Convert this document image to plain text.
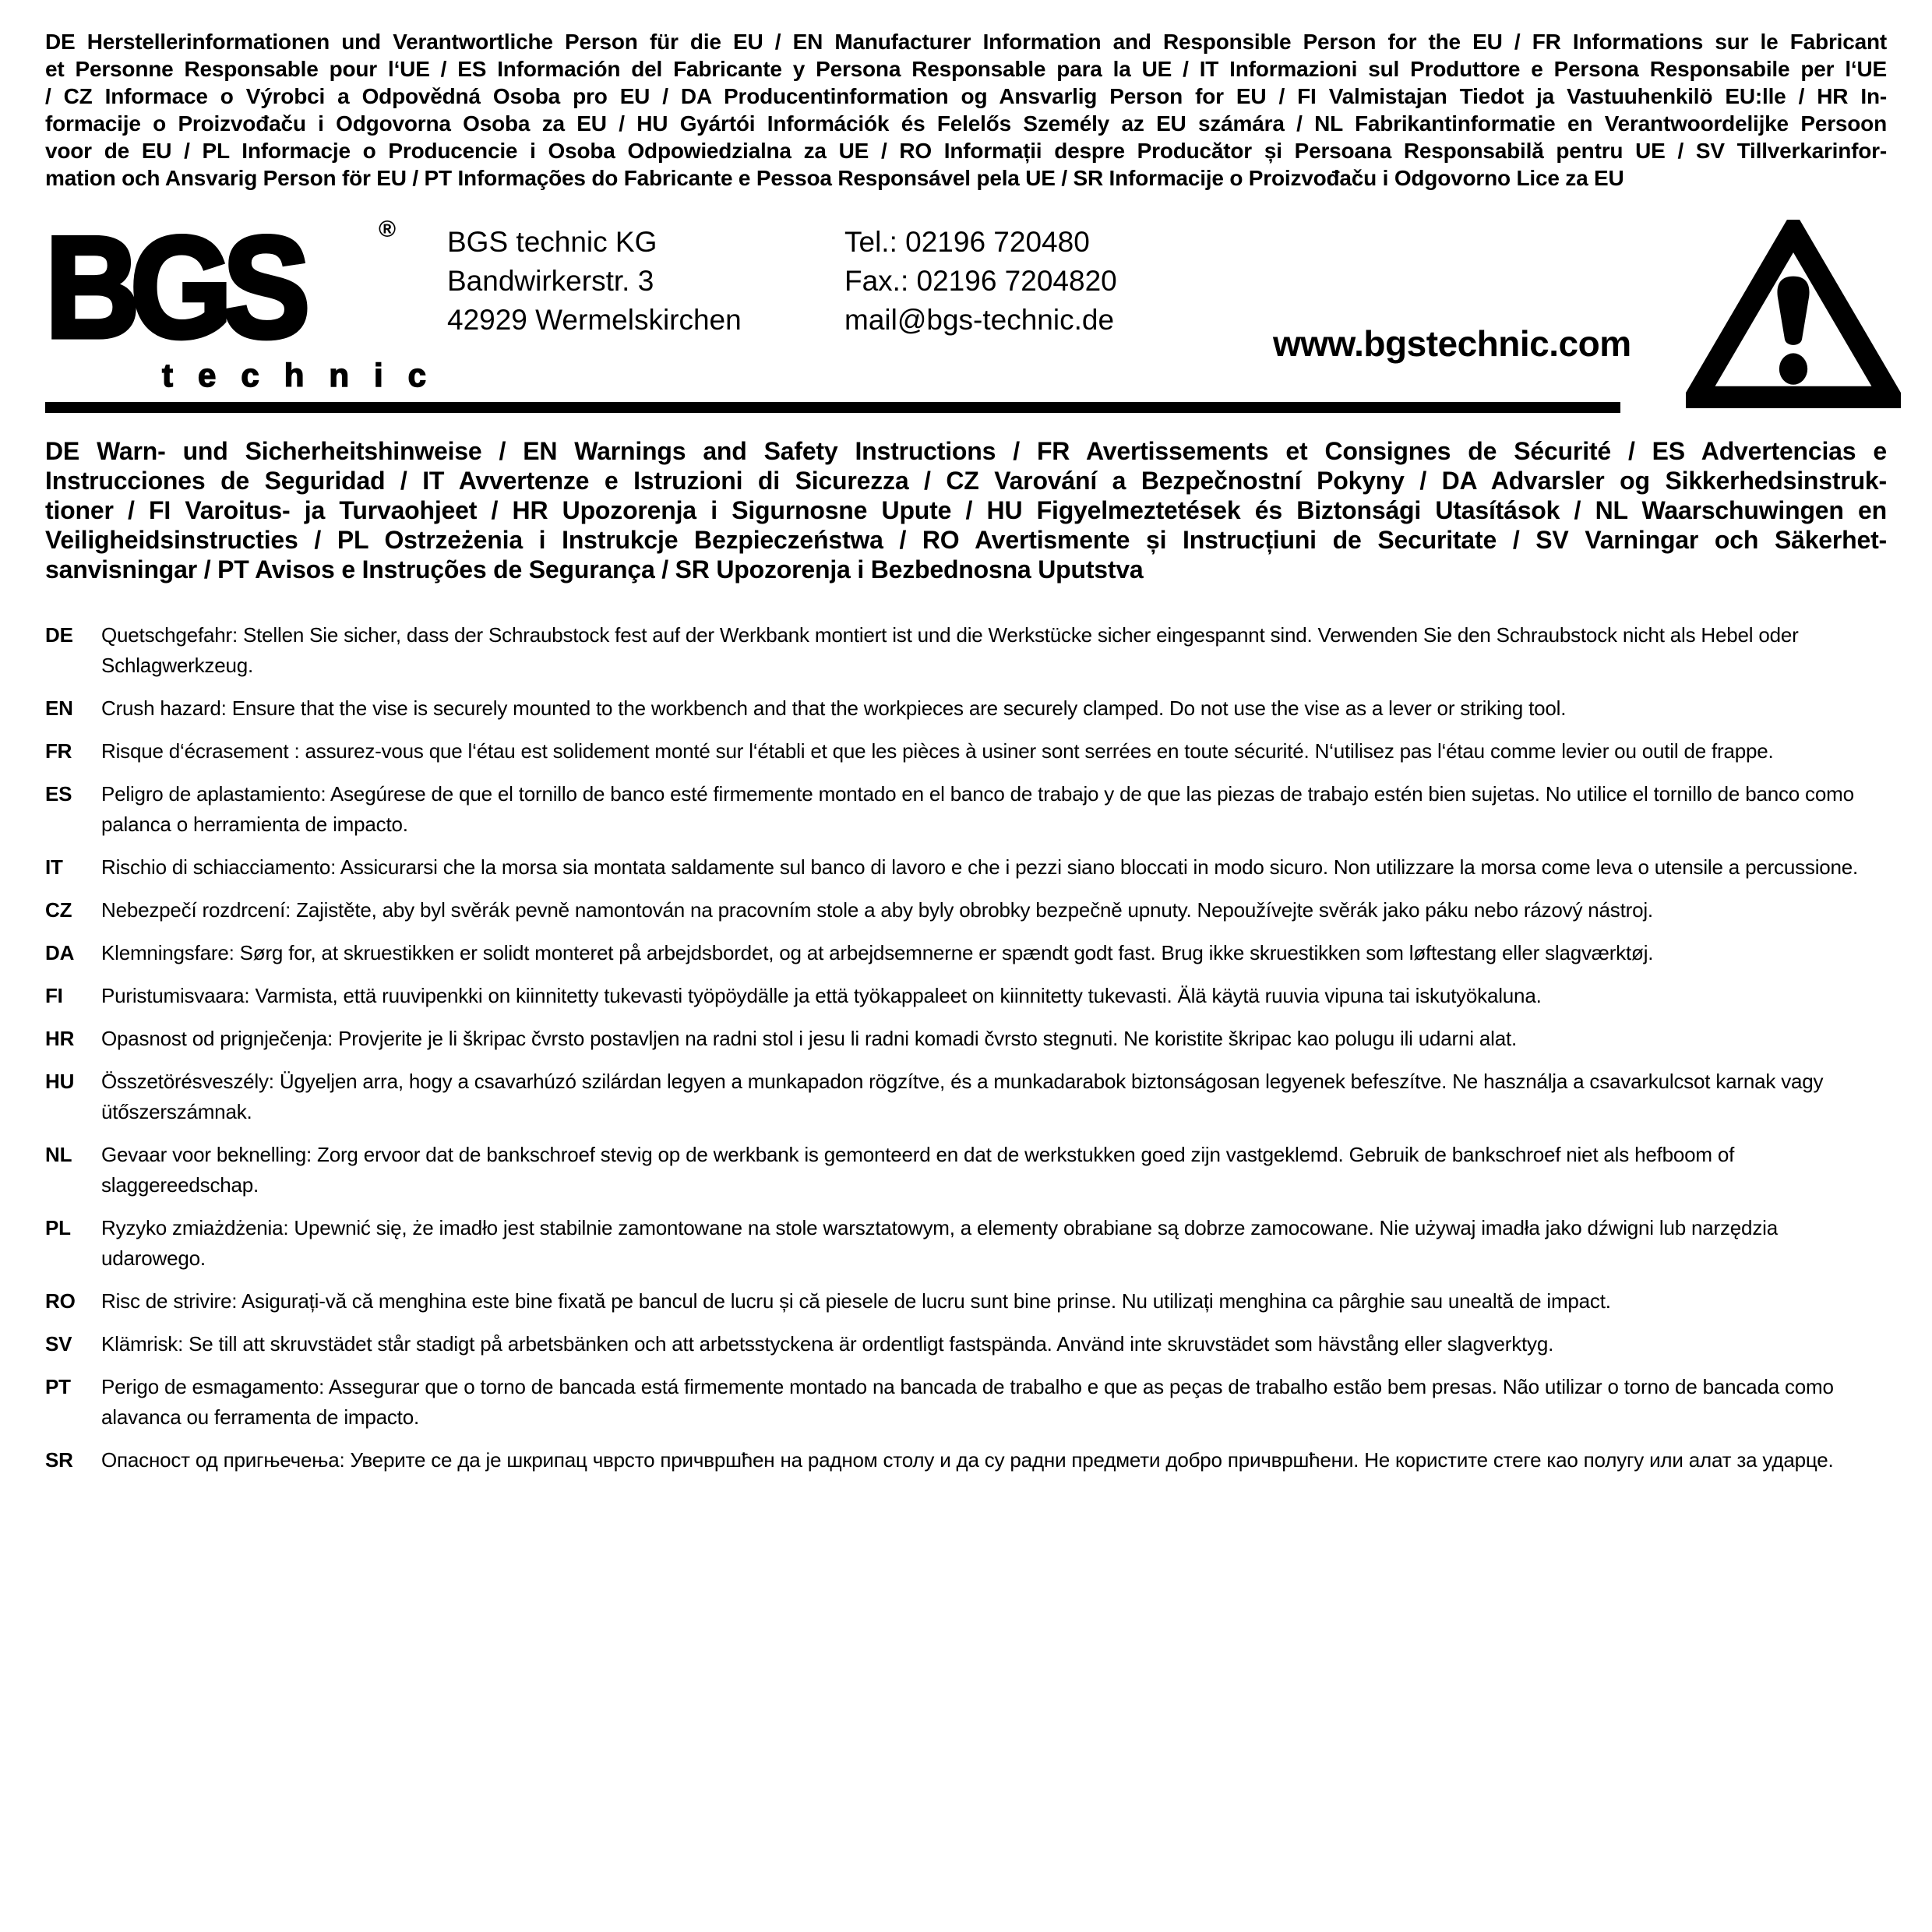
DE Herstellerinformationen und Verantwortliche Person für die EU / EN Manufacturer Information and Responsible Person for the EU / FR Informations sur le Fabricant
et Personne Responsable pour l‘UE / ES Información del Fabricante y Persona Responsable para la UE / IT Informazioni sul Produttore e Persona Responsabile per l‘UE
/ CZ Informace o Výrobci a Odpovědná Osoba pro EU / DA Producentinformation og Ansvarlig Person for EU / FI Valmistajan Tiedot ja Vastuuhenkilö EU:lle / HR In-
formacije o Proizvođaču i Odgovorna Osoba za EU / HU Gyártói Információk és Felelős Személy az EU számára / NL Fabrikantinformatie en Verantwoordelijke Persoon
voor de EU / PL Informacje o Producencie i Osoba Odpowiedzialna za UE / RO Informații despre Producător și Persoana Responsabilă pentru UE / SV Tillverkarinfor-
mation och Ansvarig Person för EU / PT Informações do Fabricante e Pessoa Responsável pela UE / SR Informacije o Proizvođaču i Odgovorno Lice za EU
BGS	®
technic
BGS technic KG
Bandwirkerstr. 3
42929 Wermelskirchen
Tel.: 02196 720480
Fax.: 02196 7204820
mail@bgs-technic.de
www.bgstechnic.com
DE Warn- und Sicherheitshinweise / EN Warnings and Safety Instructions / FR Avertissements et Consignes de Sécurité / ES Advertencias e
Instrucciones de Seguridad / IT Avvertenze e Istruzioni di Sicurezza / CZ Varování a Bezpečnostní Pokyny / DA Advarsler og Sikkerhedsinstruk-
tioner / FI Varoitus- ja Turvaohjeet / HR Upozorenja i Sigurnosne Upute / HU Figyelmeztetések és Biztonsági Utasítások / NL Waarschuwingen en
Veiligheidsinstructies / PL Ostrzeżenia i Instrukcje Bezpieczeństwa / RO Avertismente și Instrucțiuni de Securitate / SV Varningar och Säkerhet-
sanvisningar / PT Avisos e Instruções de Segurança / SR Upozorenja i Bezbednosna Uputstva
DE	Quetschgefahr: Stellen Sie sicher, dass der Schraubstock fest auf der Werkbank montiert ist und die Werkstücke sicher eingespannt sind. Verwenden Sie den Schraubstock nicht als Hebel oder Schlagwerkzeug.
EN	Crush hazard: Ensure that the vise is securely mounted to the workbench and that the workpieces are securely clamped. Do not use the vise as a lever or striking tool.
FR	Risque d‘écrasement : assurez-vous que l‘étau est solidement monté sur l‘établi et que les pièces à usiner sont serrées en toute sécurité. N‘utilisez pas l‘étau comme levier ou outil de frappe.
ES	Peligro de aplastamiento: Asegúrese de que el tornillo de banco esté firmemente montado en el banco de trabajo y de que las piezas de trabajo estén bien sujetas. No utilice el tornillo de banco como palanca o herramienta de impacto.
IT	Rischio di schiacciamento: Assicurarsi che la morsa sia montata saldamente sul banco di lavoro e che i pezzi siano bloccati in modo sicuro. Non utilizzare la morsa come leva o utensile a percussione.
CZ	Nebezpečí rozdrcení: Zajistěte, aby byl svěrák pevně namontován na pracovním stole a aby byly obrobky bezpečně upnuty. Nepoužívejte svěrák jako páku nebo rázový nástroj.
DA	Klemningsfare: Sørg for, at skruestikken er solidt monteret på arbejdsbordet, og at arbejdsemnerne er spændt godt fast. Brug ikke skruestikken som løftestang eller slagværktøj.
FI	Puristumisvaara: Varmista, että ruuvipenkki on kiinnitetty tukevasti työpöydälle ja että työkappaleet on kiinnitetty tukevasti. Älä käytä ruuvia vipuna tai iskutyökaluna.
HR	Opasnost od prignječenja: Provjerite je li škripac čvrsto postavljen na radni stol i jesu li radni komadi čvrsto stegnuti. Ne koristite škripac kao polugu ili udarni alat.
HU	Összetörésveszély: Ügyeljen arra, hogy a csavarhúzó szilárdan legyen a munkapadon rögzítve, és a munkadarabok biztonságosan legyenek befeszítve. Ne használja a csavarkulcsot karnak vagy ütőszerszámnak.
NL	Gevaar voor beknelling: Zorg ervoor dat de bankschroef stevig op de werkbank is gemonteerd en dat de werkstukken goed zijn vastgeklemd. Gebruik de bankschroef niet als hefboom of slaggereedschap.
PL	Ryzyko zmiażdżenia: Upewnić się, że imadło jest stabilnie zamontowane na stole warsztatowym, a elementy obrabiane są dobrze zamocowane. Nie używaj imadła jako dźwigni lub narzędzia udarowego.
RO	Risc de strivire: Asigurați-vă că menghina este bine fixată pe bancul de lucru și că piesele de lucru sunt bine prinse. Nu utilizați menghina ca pârghie sau unealtă de impact.
SV	Klämrisk: Se till att skruvstädet står stadigt på arbetsbänken och att arbetsstyckena är ordentligt fastspända. Använd inte skruvstädet som hävstång eller slagverktyg.
PT	Perigo de esmagamento: Assegurar que o torno de bancada está firmemente montado na bancada de trabalho e que as peças de trabalho estão bem presas. Não utilizar o torno de bancada como alavanca ou ferramenta de impacto.
SR	Опасност од пригњечења: Уверите се да је шкрипац чврсто причвршћен на радном столу и да су радни предмети добро причвршћени. Не користите стеге као полугу или алат за ударце.
